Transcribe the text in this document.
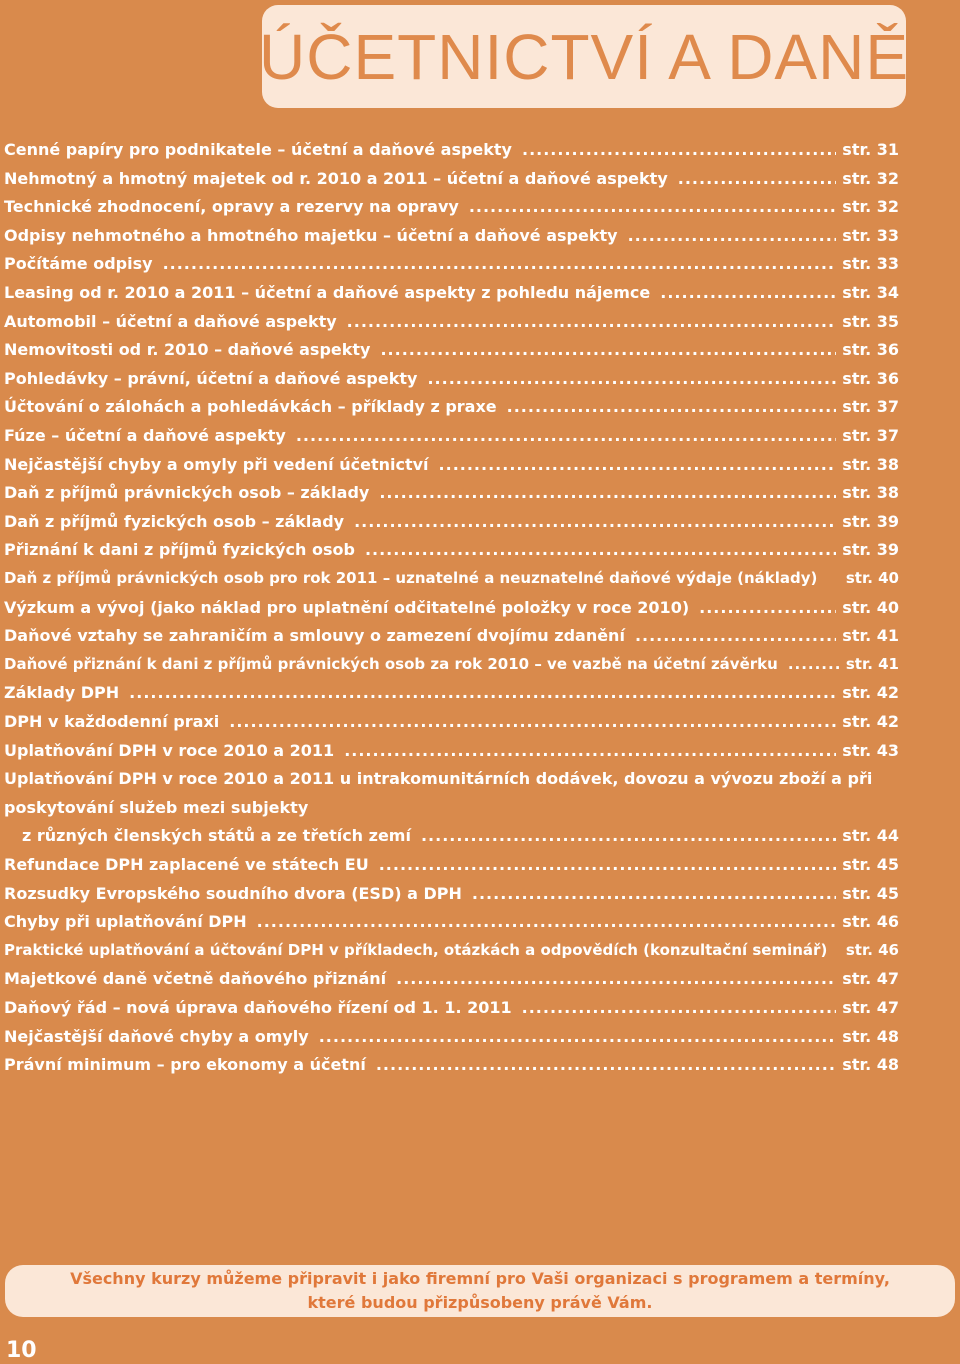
ÚČETNICTVÍ A DANĚ
Cenné papíry pro podnikatele – účetní a daňové aspekty .....	str. 31
Nehmotný a hmotný majetek od r. 2010 a 2011 – účetní a daňové aspekty .....	str. 32
Technické zhodnocení, opravy a rezervy na opravy .....	str. 32
Odpisy nehmotného a hmotného majetku – účetní a daňové aspekty .....	str. 33
Počítáme odpisy .....	str. 33
Leasing od r. 2010 a 2011 – účetní a daňové aspekty z pohledu nájemce .....	str. 34
Automobil – účetní a daňové aspekty .....	str. 35
Nemovitosti od r. 2010 – daňové aspekty .....	str. 36
Pohledávky – právní, účetní a daňové aspekty .....	str. 36
Účtování o zálohách a pohledávkách – příklady z praxe .....	str. 37
Fúze – účetní a daňové aspekty .....	str. 37
Nejčastější chyby a omyly při vedení účetnictví .....	str. 38
Daň z příjmů právnických osob – základy .....	str. 38
Daň z příjmů fyzických osob – základy .....	str. 39
Přiznání k dani z příjmů fyzických osob .....	str. 39
Daň z příjmů právnických osob pro rok 2011 – uznatelné a neuznatelné daňové výdaje (náklady) str. 40
Výzkum a vývoj (jako náklad pro uplatnění odčitatelné položky v roce 2010) .....	str. 40
Daňové vztahy se zahraničím a smlouvy o zamezení dvojímu zdanění .....	str. 41
Daňové přiznání k dani z příjmů právnických osob za rok 2010 – ve vazbě na účetní závěrku .....	str. 41
Základy DPH .....	str. 42
DPH v každodenní praxi .....	str. 42
Uplatňování DPH v roce 2010 a 2011 .....	str. 43
Uplatňování DPH v roce 2010 a 2011 u intrakomunitárních dodávek, dovozu a vývozu zboží a při
poskytování služeb mezi subjekty
z různých členských států a ze třetích zemí .....	str. 44
Refundace DPH zaplacené ve státech EU .....	str. 45
Rozsudky Evropského soudního dvora (ESD) a DPH .....	str. 45
Chyby při uplatňování DPH .....	str. 46
Praktické uplatňování a účtování DPH v příkladech, otázkách a odpovědích (konzultační seminář) str. 46
Majetkové daně včetně daňového přiznání .....	str. 47
Daňový řád – nová úprava daňového řízení od 1. 1. 2011 .....	str. 47
Nejčastější daňové chyby a omyly .....	str. 48
Právní minimum – pro ekonomy a účetní .....	str. 48
Všechny kurzy můžeme připravit i jako firemní pro Vaši organizaci s programem a termíny,
které budou přizpůsobeny právě Vám.
10
